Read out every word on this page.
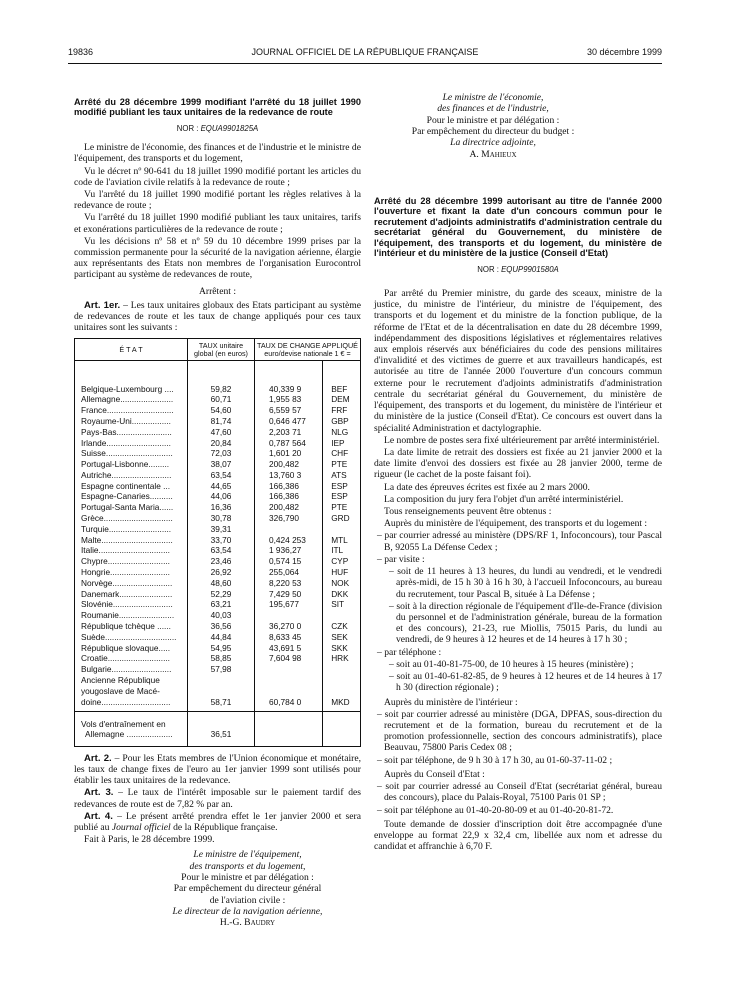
19836	JOURNAL OFFICIEL DE LA RÉPUBLIQUE FRANÇAISE	30 décembre 1999
Arrêté du 28 décembre 1999 modifiant l'arrêté du 18 juillet 1990 modifié publiant les taux unitaires de la redevance de route
NOR : EQUA9901825A

Le ministre de l'économie, des finances et de l'industrie et le ministre de l'équipement, des transports et du logement,

Vu le décret nº 90-641 du 18 juillet 1990 modifié portant les articles du code de l'aviation civile relatifs à la redevance de route ;

Vu l'arrêté du 18 juillet 1990 modifié portant les règles relatives à la redevance de route ;

Vu l'arrêté du 18 juillet 1990 modifié publiant les taux unitaires, tarifs et exonérations particulières de la redevance de route ;

Vu les décisions nº 58 et nº 59 du 10 décembre 1999 prises par la commission permanente pour la sécurité de la navigation aérienne, élargie aux représentants des Etats non membres de l'organisation Eurocontrol participant au système de redevances de route,

Arrêtent :

Art. 1er. – Les taux unitaires globaux des Etats participant au système de redevances de route et les taux de change appliqués pour ces taux unitaires sont les suivants :

É T A T	TAUX unitaire global (en euros)	TAUX DE CHANGE APPLIQUÉ euro/devise nationale 1 € =	
Belgique-Luxembourg ....	59,82	40,339 9	BEF
Allemagne.......................	60,71	1,955 83	DEM
France.............................	54,60	6,559 57	FRF
Royaume-Uni.................	81,74	0,646 477	GBP
Pays-Bas........................	47,60	2,203 71	NLG
Irlande............................	20,84	0,787 564	IEP
Suisse.............................	72,03	1,601 20	CHF
Portugal-Lisbonne.........	38,07	200,482	PTE
Autriche..........................	63,54	13,760 3	ATS
Espagne continentale ...	44,65	166,386	ESP
Espagne-Canaries..........	44,06	166,386	ESP
Portugal-Santa Maria......	16,36	200,482	PTE
Grèce..............................	30,78	326,790	GRD
Turquie...........................	39,31		
Malte...............................	33,70	0,424 253	MTL
Italie...............................	63,54	1 936,27	ITL
Chypre...........................	23,46	0,574 15	CYP
Hongrie..........................	26,92	255,064	HUF
Norvège..........................	48,60	8,220 53	NOK
Danemark.......................	52,29	7,429 50	DKK
Slovénie..........................	63,21	195,677	SIT
Roumanie........................	40,03		
République tchèque ......	36,56	36,270 0	CZK
Suède...............................	44,84	8,633 45	SEK
République slovaque.....	54,95	43,691 5	SKK
Croatie...........................	58,85	7,604 98	HRK
Bulgarie..........................	57,98		
Ancienne République			
yougoslave de Macé-			
doine..............................	58,71	60,784 0	MKD

Vols d'entraînement en
Allemagne ....................	36,51		

Art. 2. – Pour les Etats membres de l'Union économique et monétaire, les taux de change fixes de l'euro au 1er janvier 1999 sont utilisés pour établir les taux unitaires de la redevance.

Art. 3. – Le taux de l'intérêt imposable sur le paiement tardif des redevances de route est de 7,82 % par an.

Art. 4. – Le présent arrêté prendra effet le 1er janvier 2000 et sera publié au Journal officiel de la République française.

Fait à Paris, le 28 décembre 1999.

Le ministre de l'équipement,
des transports et du logement,
Pour le ministre et par délégation :
Par empêchement du directeur général
de l'aviation civile :
Le directeur de la navigation aérienne,
H.-G. Baudry
Le ministre de l'économie,
des finances et de l'industrie,
Pour le ministre et par délégation :
Par empêchement du directeur du budget :
La directrice adjointe,
A. Mahieux
Arrêté du 28 décembre 1999 autorisant au titre de l'année 2000 l'ouverture et fixant la date d'un concours commun pour le recrutement d'adjoints administratifs d'administration centrale du secrétariat général du Gouvernement, du ministère de l'équipement, des transports et du logement, du ministère de l'intérieur et du ministère de la justice (Conseil d'Etat)
NOR : EQUP9901580A

Par arrêté du Premier ministre, du garde des sceaux, ministre de la justice, du ministre de l'intérieur, du ministre de l'équipement, des transports et du logement et du ministre de la fonction publique, de la réforme de l'Etat et de la décentralisation en date du 28 décembre 1999, indépendamment des dispositions législatives et réglementaires relatives aux emplois réservés aux bénéficiaires du code des pensions militaires d'invalidité et des victimes de guerre et aux travailleurs handicapés, est autorisée au titre de l'année 2000 l'ouverture d'un concours commun externe pour le recrutement d'adjoints administratifs d'administration centrale du secrétariat général du Gouvernement, du ministère de l'équipement, des transports et du logement, du ministère de l'intérieur et du ministère de la justice (Conseil d'Etat). Ce concours est ouvert dans la spécialité Administration et dactylographie.

Le nombre de postes sera fixé ultérieurement par arrêté interministériel.

La date limite de retrait des dossiers est fixée au 21 janvier 2000 et la date limite d'envoi des dossiers est fixée au 28 janvier 2000, terme de rigueur (le cachet de la poste faisant foi).

La date des épreuves écrites est fixée au 2 mars 2000.

La composition du jury fera l'objet d'un arrêté interministériel.

Tous renseignements peuvent être obtenus :

Auprès du ministère de l'équipement, des transports et du logement :

– par courrier adressé au ministère (DPS/RF 1, Infoconcours), tour Pascal B, 92055 La Défense Cedex ;

– par visite :

– soit de 11 heures à 13 heures, du lundi au vendredi, et le vendredi après-midi, de 15 h 30 à 16 h 30, à l'accueil Infoconcours, au bureau du recrutement, tour Pascal B, située à La Défense ;

– soit à la direction régionale de l'équipement d'Ile-de-France (division du personnel et de l'administration générale, bureau de la formation et des concours), 21-23, rue Miollis, 75015 Paris, du lundi au vendredi, de 9 heures à 12 heures et de 14 heures à 17 h 30 ;

– par téléphone :

– soit au 01-40-81-75-00, de 10 heures à 15 heures (ministère) ;

– soit au 01-40-61-82-85, de 9 heures à 12 heures et de 14 heures à 17 h 30 (direction régionale) ;

Auprès du ministère de l'intérieur :

– soit par courrier adressé au ministère (DGA, DPFAS, sous-direction du recrutement et de la formation, bureau du recrutement et de la promotion professionnelle, section des concours administratifs), place Beauvau, 75800 Paris Cedex 08 ;

– soit par téléphone, de 9 h 30 à 17 h 30, au 01-60-37-11-02 ;

Auprès du Conseil d'Etat :

– soit par courrier adressé au Conseil d'Etat (secrétariat général, bureau des concours), place du Palais-Royal, 75100 Paris 01 SP ;

– soit par téléphone au 01-40-20-80-09 et au 01-40-20-81-72.

Toute demande de dossier d'inscription doit être accompagnée d'une enveloppe au format 22,9 x 32,4 cm, libellée aux nom et adresse du candidat et affranchie à 6,70 F.
